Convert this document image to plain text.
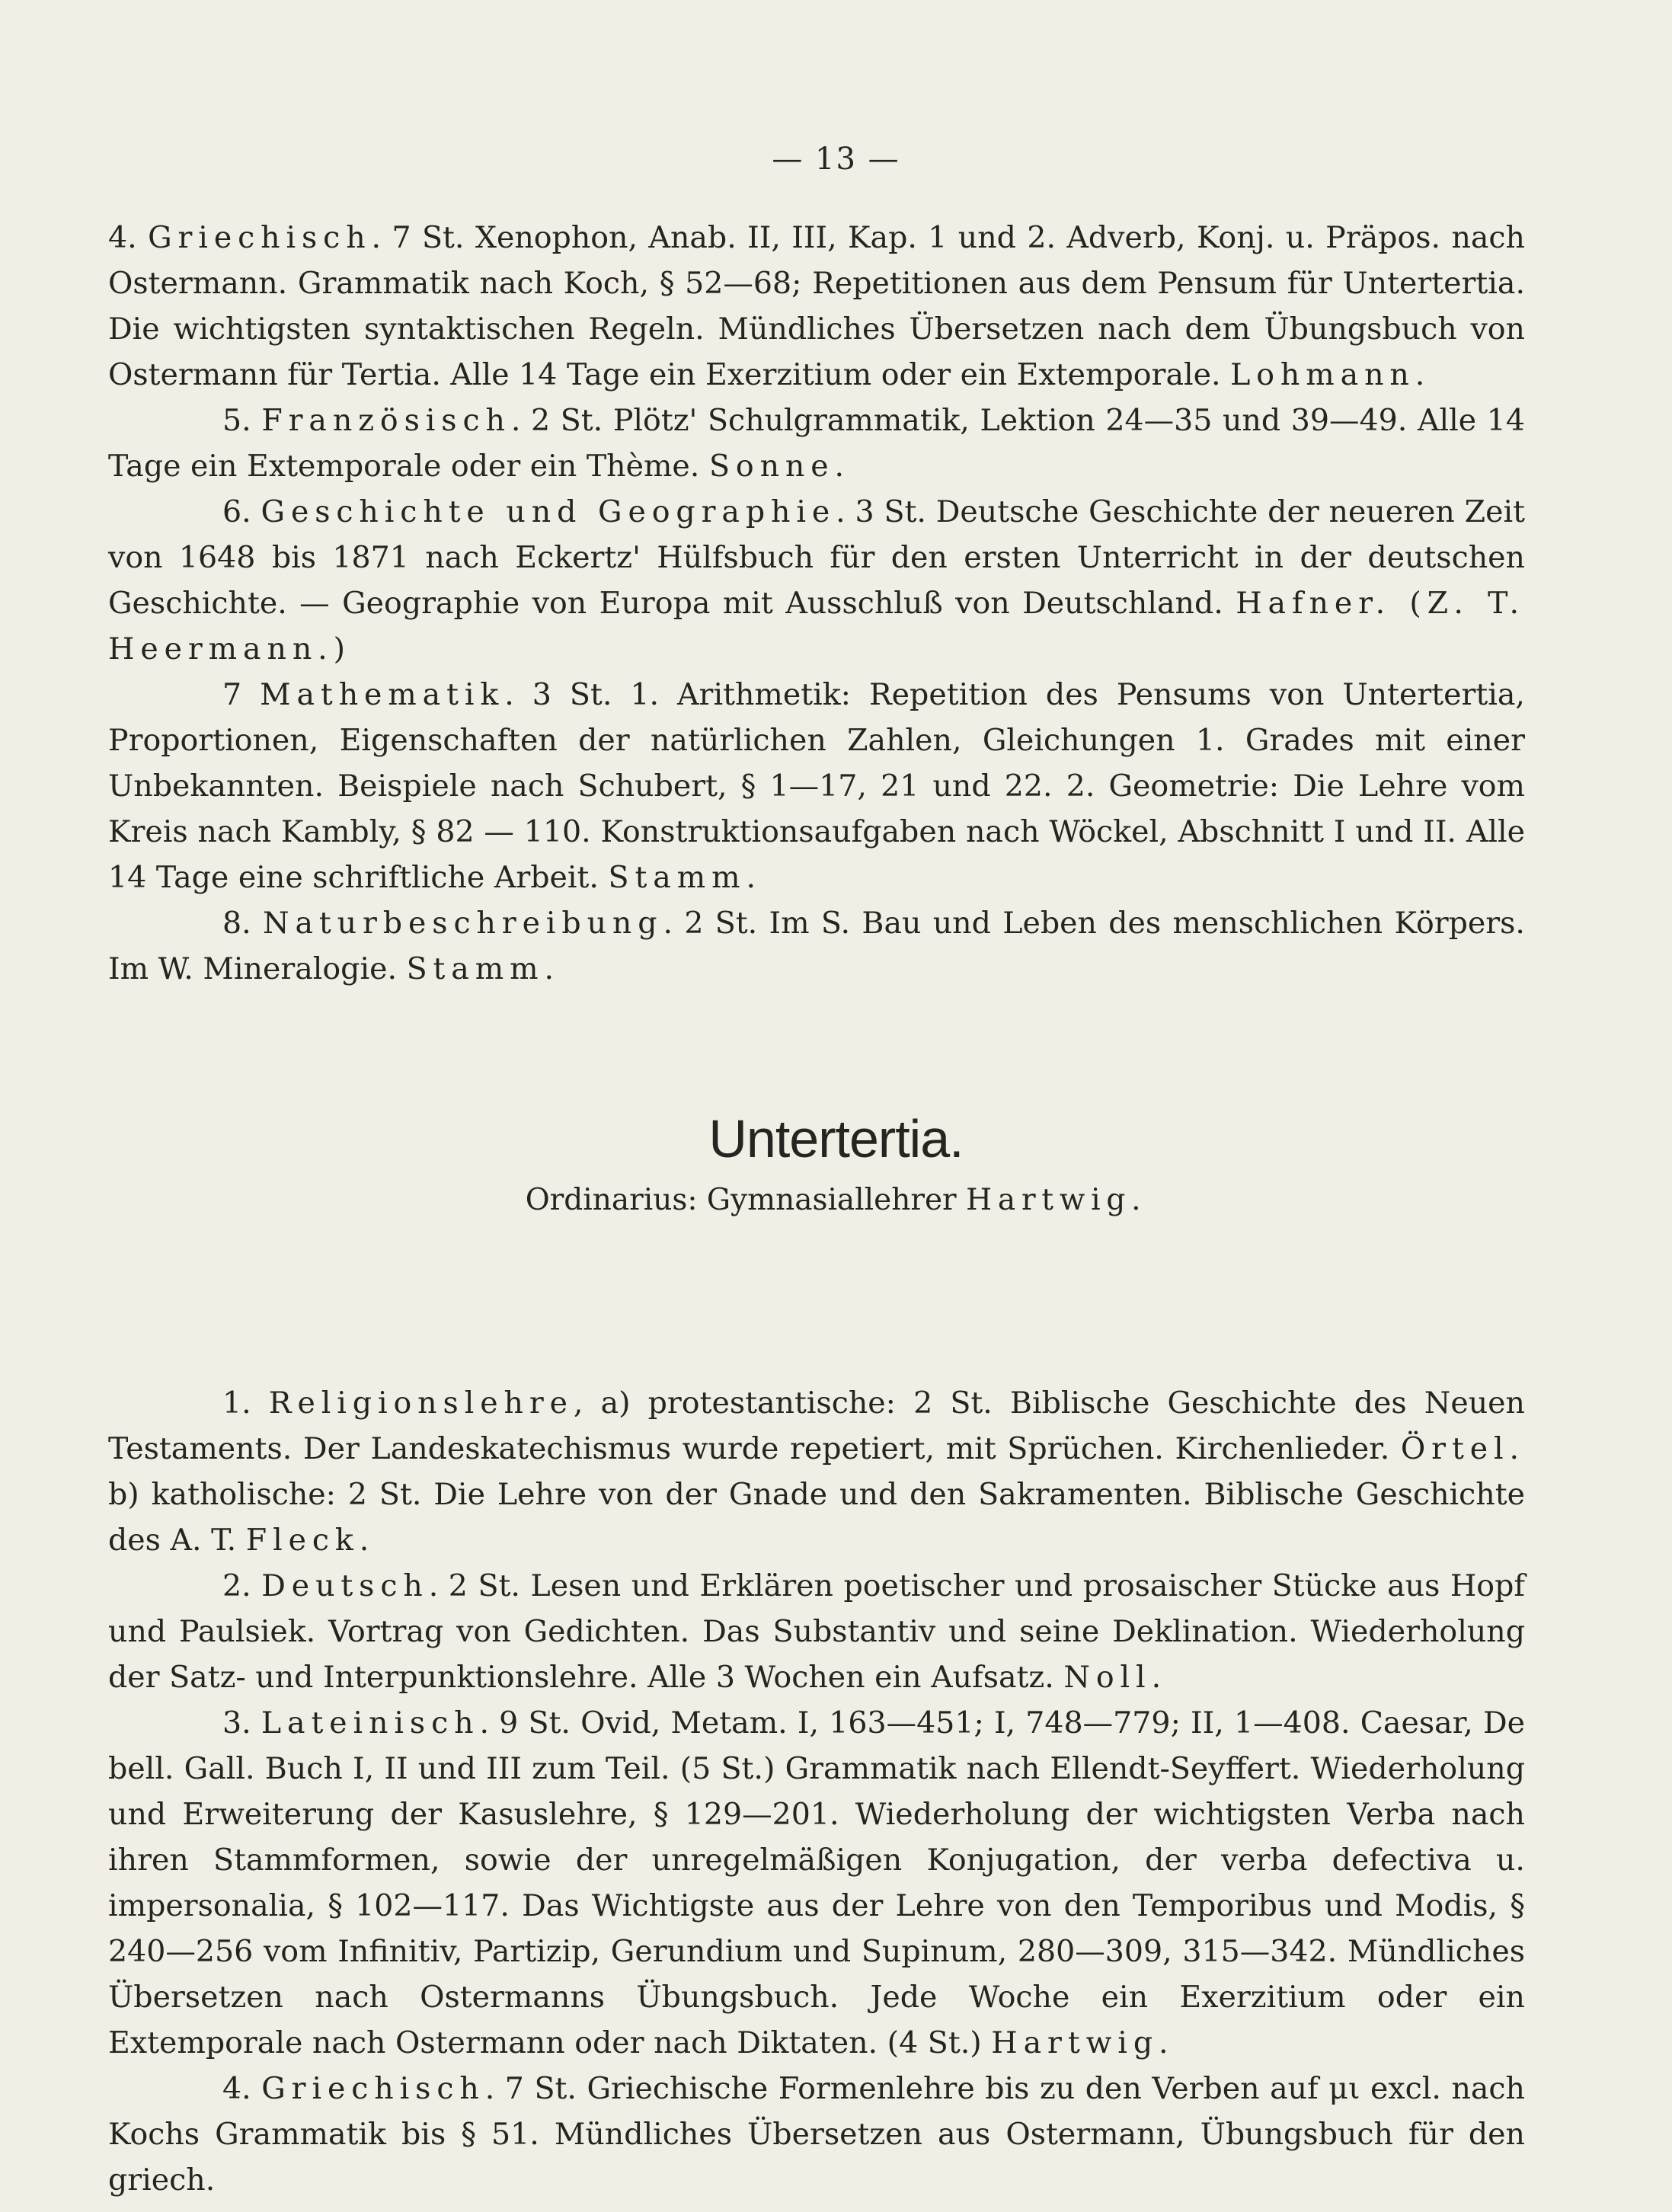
— 13 —

4. Griechisch. 7 St. Xenophon, Anab. II, III, Kap. 1 und 2. Adverb, Konj. u. Präpos. nach Ostermann. Grammatik nach Koch, § 52—68; Repetitionen aus dem Pensum für Untertertia. Die wichtigsten syntaktischen Regeln. Mündliches Übersetzen nach dem Übungsbuch von Ostermann für Tertia. Alle 14 Tage ein Exerzitium oder ein Extemporale. Lohmann.

5. Französisch. 2 St. Plötz' Schulgrammatik, Lektion 24—35 und 39—49. Alle 14 Tage ein Extemporale oder ein Thème. Sonne.

6. Geschichte und Geographie. 3 St. Deutsche Geschichte der neueren Zeit von 1648 bis 1871 nach Eckertz' Hülfsbuch für den ersten Unterricht in der deutschen Geschichte. — Geographie von Europa mit Ausschluß von Deutschland. Hafner. (Z. T. Heermann.)

7 Mathematik. 3 St. 1. Arithmetik: Repetition des Pensums von Untertertia, Proportionen, Eigenschaften der natürlichen Zahlen, Gleichungen 1. Grades mit einer Unbekannten. Beispiele nach Schubert, § 1—17, 21 und 22. 2. Geometrie: Die Lehre vom Kreis nach Kambly, § 82 — 110. Konstruktionsaufgaben nach Wöckel, Abschnitt I und II. Alle 14 Tage eine schriftliche Arbeit. Stamm.

8. Naturbeschreibung. 2 St. Im S. Bau und Leben des menschlichen Körpers. Im W. Mineralogie. Stamm.

Untertertia.
Ordinarius: Gymnasiallehrer Hartwig.

1. Religionslehre, a) protestantische: 2 St. Biblische Geschichte des Neuen Testaments. Der Landeskatechismus wurde repetiert, mit Sprüchen. Kirchenlieder. Örtel. b) katholische: 2 St. Die Lehre von der Gnade und den Sakramenten. Biblische Geschichte des A. T. Fleck.

2. Deutsch. 2 St. Lesen und Erklären poetischer und prosaischer Stücke aus Hopf und Paulsiek. Vortrag von Gedichten. Das Substantiv und seine Deklination. Wiederholung der Satz- und Interpunktionslehre. Alle 3 Wochen ein Aufsatz. Noll.

3. Lateinisch. 9 St. Ovid, Metam. I, 163—451; I, 748—779; II, 1—408. Caesar, De bell. Gall. Buch I, II und III zum Teil. (5 St.) Grammatik nach Ellendt-Seyffert. Wiederholung und Erweiterung der Kasuslehre, § 129—201. Wiederholung der wichtigsten Verba nach ihren Stammformen, sowie der unregelmäßigen Konjugation, der verba defectiva u. impersonalia, § 102—117. Das Wichtigste aus der Lehre von den Temporibus und Modis, § 240—256 vom Infinitiv, Partizip, Gerundium und Supinum, 280—309, 315—342. Mündliches Übersetzen nach Ostermanns Übungsbuch. Jede Woche ein Exerzitium oder ein Extemporale nach Ostermann oder nach Diktaten. (4 St.) Hartwig.

4. Griechisch. 7 St. Griechische Formenlehre bis zu den Verben auf μι excl. nach Kochs Grammatik bis § 51. Mündliches Übersetzen aus Ostermann, Übungsbuch für den griech.
